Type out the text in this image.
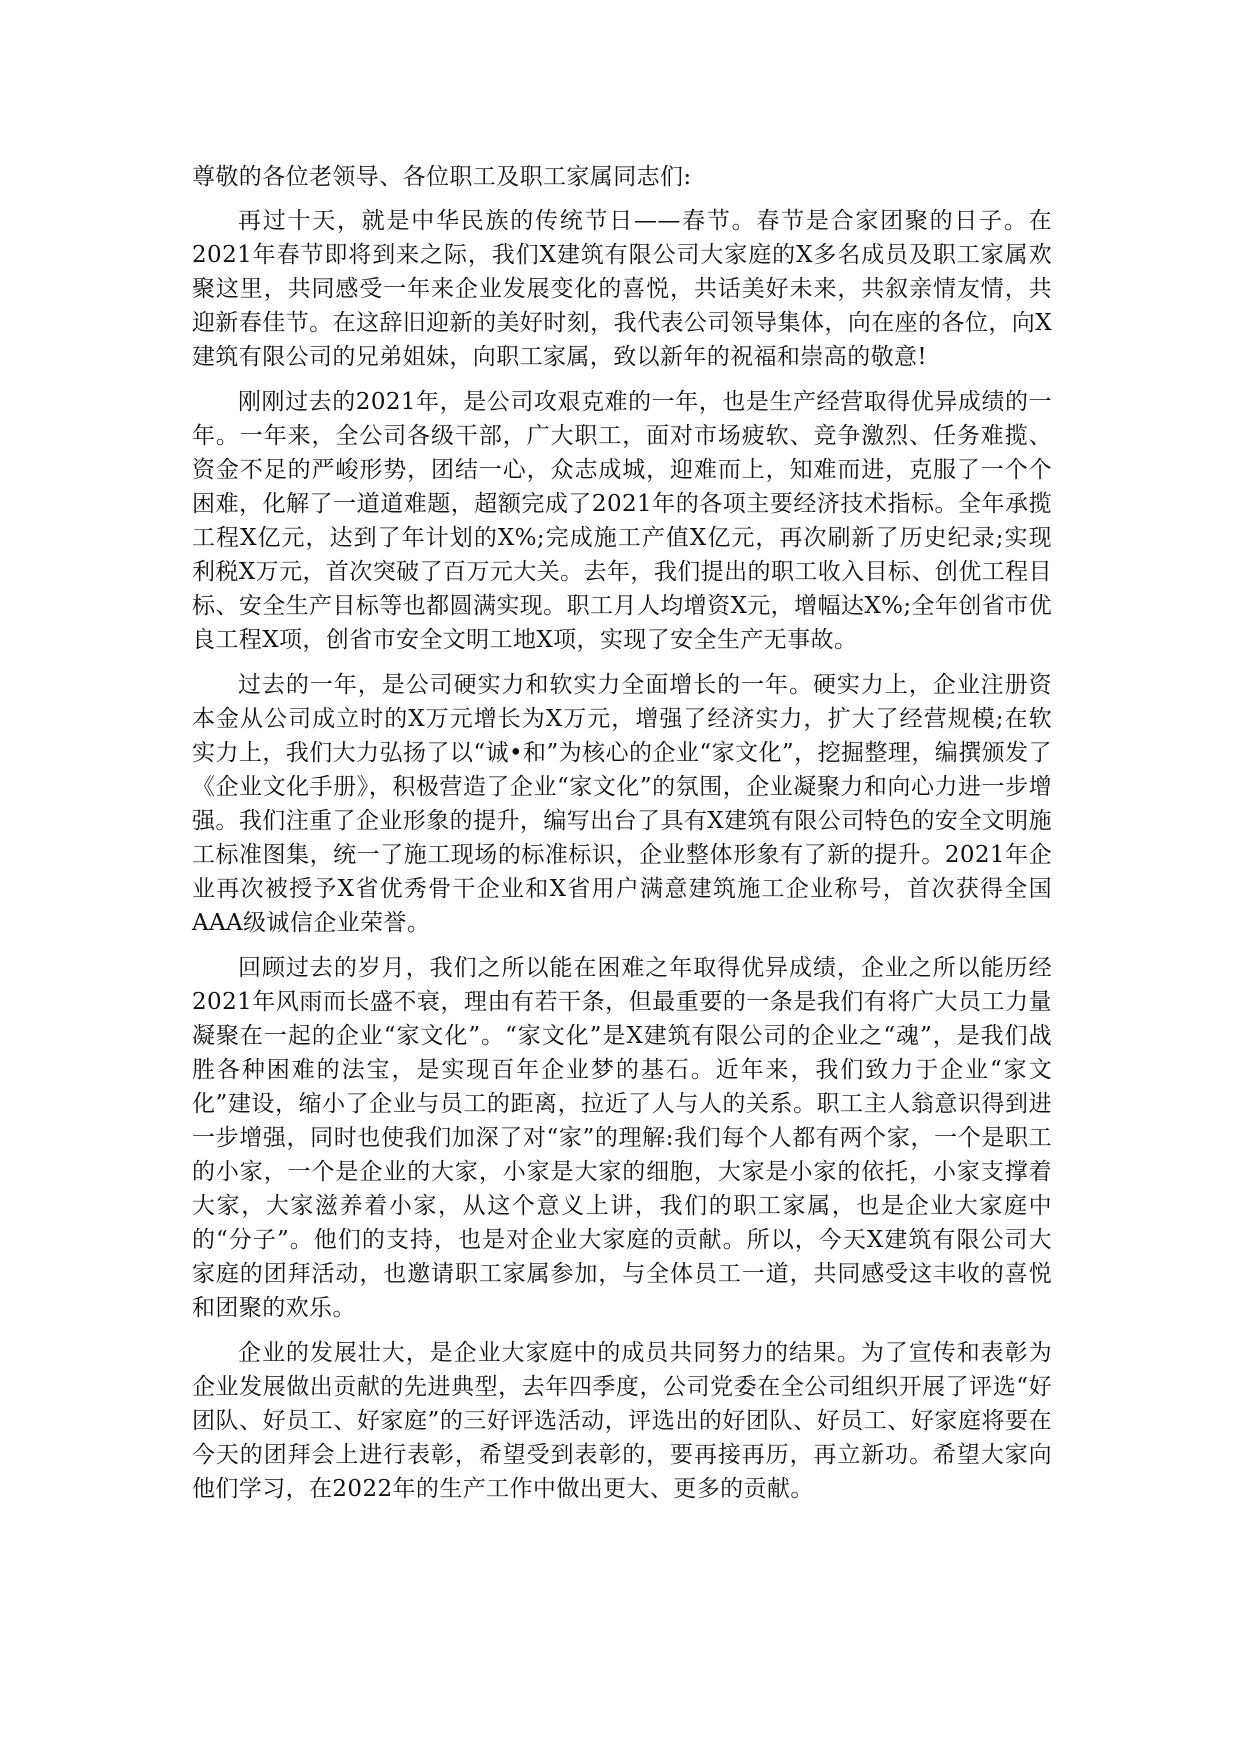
尊敬的各位老领导、各位职工及职工家属同志们:

再过十天，就是中华民族的传统节日——春节。春节是合家团聚的日子。在2021年春节即将到来之际，我们X建筑有限公司大家庭的X多名成员及职工家属欢聚这里，共同感受一年来企业发展变化的喜悦，共话美好未来，共叙亲情友情，共迎新春佳节。在这辞旧迎新的美好时刻，我代表公司领导集体，向在座的各位，向X建筑有限公司的兄弟姐妹，向职工家属，致以新年的祝福和崇高的敬意!

刚刚过去的2021年，是公司攻艰克难的一年，也是生产经营取得优异成绩的一年。一年来，全公司各级干部，广大职工，面对市场疲软、竞争激烈、任务难揽、资金不足的严峻形势，团结一心，众志成城，迎难而上，知难而进，克服了一个个困难，化解了一道道难题，超额完成了2021年的各项主要经济技术指标。全年承揽工程X亿元，达到了年计划的X%;完成施工产值X亿元，再次刷新了历史纪录;实现利税X万元，首次突破了百万元大关。去年，我们提出的职工收入目标、创优工程目标、安全生产目标等也都圆满实现。职工月人均增资X元，增幅达X%;全年创省市优良工程X项，创省市安全文明工地X项，实现了安全生产无事故。

过去的一年，是公司硬实力和软实力全面增长的一年。硬实力上，企业注册资本金从公司成立时的X万元增长为X万元，增强了经济实力，扩大了经营规模;在软实力上，我们大力弘扬了以“诚•和”为核心的企业“家文化”，挖掘整理，编撰颁发了《企业文化手册》，积极营造了企业“家文化”的氛围，企业凝聚力和向心力进一步增强。我们注重了企业形象的提升，编写出台了具有X建筑有限公司特色的安全文明施工标准图集，统一了施工现场的标准标识，企业整体形象有了新的提升。2021年企业再次被授予X省优秀骨干企业和X省用户满意建筑施工企业称号，首次获得全国AAA级诚信企业荣誉。

回顾过去的岁月，我们之所以能在困难之年取得优异成绩，企业之所以能历经2021年风雨而长盛不衰，理由有若干条，但最重要的一条是我们有将广大员工力量凝聚在一起的企业“家文化”。“家文化”是X建筑有限公司的企业之“魂”，是我们战胜各种困难的法宝，是实现百年企业梦的基石。近年来，我们致力于企业“家文化”建设，缩小了企业与员工的距离，拉近了人与人的关系。职工主人翁意识得到进一步增强，同时也使我们加深了对“家”的理解:我们每个人都有两个家，一个是职工的小家，一个是企业的大家，小家是大家的细胞，大家是小家的依托，小家支撑着大家，大家滋养着小家，从这个意义上讲，我们的职工家属，也是企业大家庭中的“分子”。他们的支持，也是对企业大家庭的贡献。所以，今天X建筑有限公司大家庭的团拜活动，也邀请职工家属参加，与全体员工一道，共同感受这丰收的喜悦和团聚的欢乐。

企业的发展壮大，是企业大家庭中的成员共同努力的结果。为了宣传和表彰为企业发展做出贡献的先进典型，去年四季度，公司党委在全公司组织开展了评选“好团队、好员工、好家庭”的三好评选活动，评选出的好团队、好员工、好家庭将要在今天的团拜会上进行表彰，希望受到表彰的，要再接再历，再立新功。希望大家向他们学习，在2022年的生产工作中做出更大、更多的贡献。
